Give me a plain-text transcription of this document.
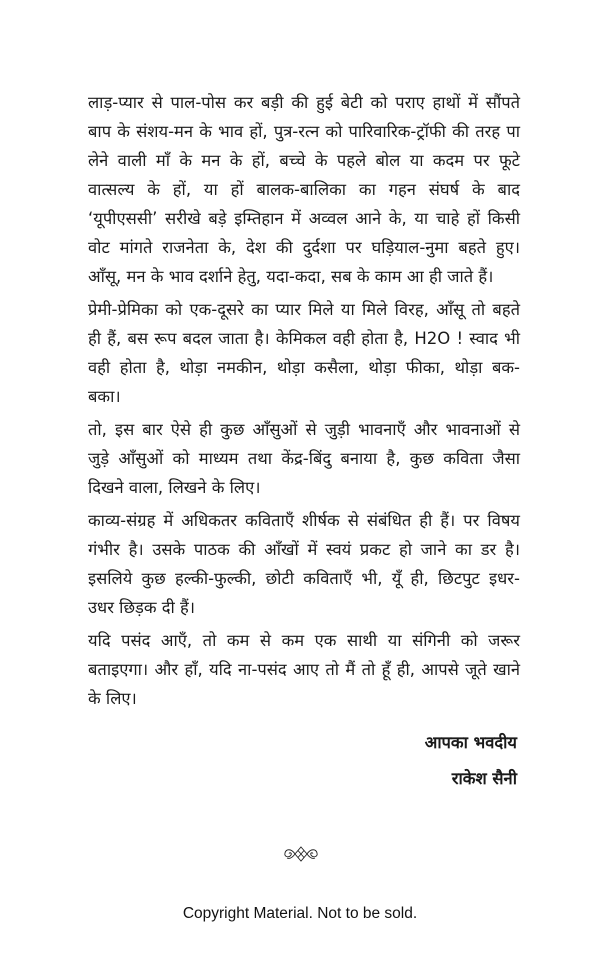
लाड़-प्यार से पाल-पोस कर बड़ी की हुई बेटी को पराए हाथों में सौंपते
बाप के संशय-मन के भाव हों, पुत्र-रत्न को पारिवारिक-ट्रॉफी की तरह पा
लेने वाली माँ के मन के हों, बच्चे के पहले बोल या कदम पर फूटे
वात्सल्य के हों, या हों बालक-बालिका का गहन संघर्ष के बाद
‘यूपीएससी’ सरीखे बड़े इम्तिहान में अव्वल आने के, या चाहे हों किसी
वोट मांगते राजनेता के, देश की दुर्दशा पर घड़ियाल-नुमा बहते हुए।
आँसू, मन के भाव दर्शाने हेतु, यदा-कदा, सब के काम आ ही जाते हैं।
प्रेमी-प्रेमिका को एक-दूसरे का प्यार मिले या मिले विरह, आँसू तो बहते
ही हैं, बस रूप बदल जाता है। केमिकल वही होता है, H2O ! स्वाद भी
वही होता है, थोड़ा नमकीन, थोड़ा कसैला, थोड़ा फीका, थोड़ा बक-
बका।
तो, इस बार ऐसे ही कुछ आँसुओं से जुड़ी भावनाएँ और भावनाओं से
जुड़े आँसुओं को माध्यम तथा केंद्र-बिंदु बनाया है, कुछ कविता जैसा
दिखने वाला, लिखने के लिए।
काव्य-संग्रह में अधिकतर कविताएँ शीर्षक से संबंधित ही हैं। पर विषय
गंभीर है। उसके पाठक की आँखों में स्वयं प्रकट हो जाने का डर है।
इसलिये कुछ हल्की-फुल्की, छोटी कविताएँ भी, यूँ ही, छिटपुट इधर-
उधर छिड़क दी हैं।
यदि पसंद आएँ, तो कम से कम एक साथी या संगिनी को जरूर
बताइएगा। और हाँ, यदि ना-पसंद आए तो मैं तो हूँ ही, आपसे जूते खाने
के लिए।
आपका भवदीय
राकेश सैनी
Copyright Material. Not to be sold.
